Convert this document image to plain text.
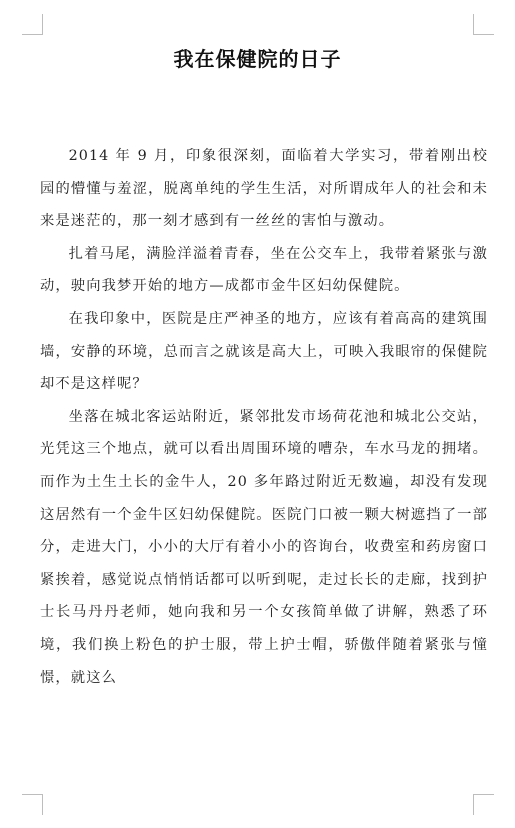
我在保健院的日子

2014 年 9 月，印象很深刻，面临着大学实习，带着刚出校园的懵懂与羞涩，脱离单纯的学生生活，对所谓成年人的社会和未来是迷茫的，那一刻才感到有一丝丝的害怕与激动。

扎着马尾，满脸洋溢着青春，坐在公交车上，我带着紧张与激动，驶向我梦开始的地方—成都市金牛区妇幼保健院。

在我印象中，医院是庄严神圣的地方，应该有着高高的建筑围墙，安静的环境，总而言之就该是高大上，可映入我眼帘的保健院却不是这样呢？

坐落在城北客运站附近，紧邻批发市场荷花池和城北公交站，光凭这三个地点，就可以看出周围环境的嘈杂，车水马龙的拥堵。而作为土生土长的金牛人，20 多年路过附近无数遍，却没有发现这居然有一个金牛区妇幼保健院。医院门口被一颗大树遮挡了一部分，走进大门，小小的大厅有着小小的咨询台，收费室和药房窗口紧挨着，感觉说点悄悄话都可以听到呢，走过长长的走廊，找到护士长马丹丹老师，她向我和另一个女孩简单做了讲解，熟悉了环境，我们换上粉色的护士服，带上护士帽，骄傲伴随着紧张与憧憬，就这么
